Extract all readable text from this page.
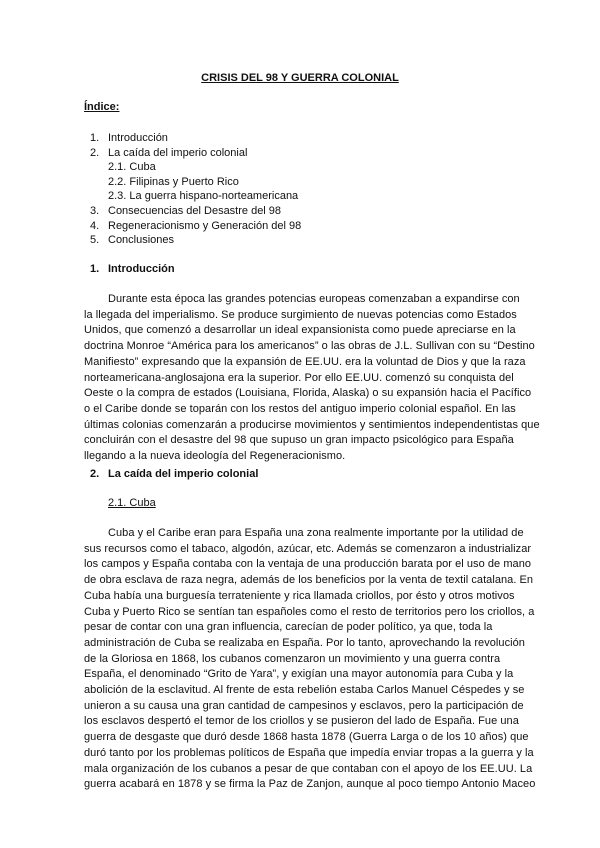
CRISIS DEL 98 Y GUERRA COLONIAL
Índice:
1. Introducción
2. La caída del imperio colonial
2.1. Cuba
2.2. Filipinas y Puerto Rico
2.3. La guerra hispano-norteamericana
3. Consecuencias del Desastre del 98
4. Regeneracionismo y Generación del 98
5. Conclusiones
1. Introducción
Durante esta época las grandes potencias europeas comenzaban a expandirse con
la llegada del imperialismo. Se produce surgimiento de nuevas potencias como Estados
Unidos, que comenzó a desarrollar un ideal expansionista como puede apreciarse en la
doctrina Monroe “América para los americanos” o las obras de J.L. Sullivan con su “Destino
Manifiesto” expresando que la expansión de EE.UU. era la voluntad de Dios y que la raza
norteamericana-anglosajona era la superior. Por ello EE.UU. comenzó su conquista del
Oeste o la compra de estados (Louisiana, Florida, Alaska) o su expansión hacia el Pacífico
o el Caribe donde se toparán con los restos del antiguo imperio colonial español. En las
últimas colonias comenzarán a producirse movimientos y sentimientos independentistas que
concluirán con el desastre del 98 que supuso un gran impacto psicológico para España
llegando a la nueva ideología del Regeneracionismo.
2. La caída del imperio colonial
2.1. Cuba
Cuba y el Caribe eran para España una zona realmente importante por la utilidad de
sus recursos como el tabaco, algodón, azúcar, etc. Además se comenzaron a industrializar
los campos y España contaba con la ventaja de una producción barata por el uso de mano
de obra esclava de raza negra, además de los beneficios por la venta de textil catalana. En
Cuba había una burguesía terrateniente y rica llamada criollos, por ésto y otros motivos
Cuba y Puerto Rico se sentían tan españoles como el resto de territorios pero los criollos, a
pesar de contar con una gran influencia, carecían de poder político, ya que, toda la
administración de Cuba se realizaba en España. Por lo tanto, aprovechando la revolución
de la Gloriosa en 1868, los cubanos comenzaron un movimiento y una guerra contra
España, el denominado “Grito de Yara”, y exigían una mayor autonomía para Cuba y la
abolición de la esclavitud. Al frente de esta rebelión estaba Carlos Manuel Céspedes y se
unieron a su causa una gran cantidad de campesinos y esclavos, pero la participación de
los esclavos despertó el temor de los criollos y se pusieron del lado de España. Fue una
guerra de desgaste que duró desde 1868 hasta 1878 (Guerra Larga o de los 10 años) que
duró tanto por los problemas políticos de España que impedía enviar tropas a la guerra y la
mala organización de los cubanos a pesar de que contaban con el apoyo de los EE.UU. La
guerra acabará en 1878 y se firma la Paz de Zanjon, aunque al poco tiempo Antonio Maceo
